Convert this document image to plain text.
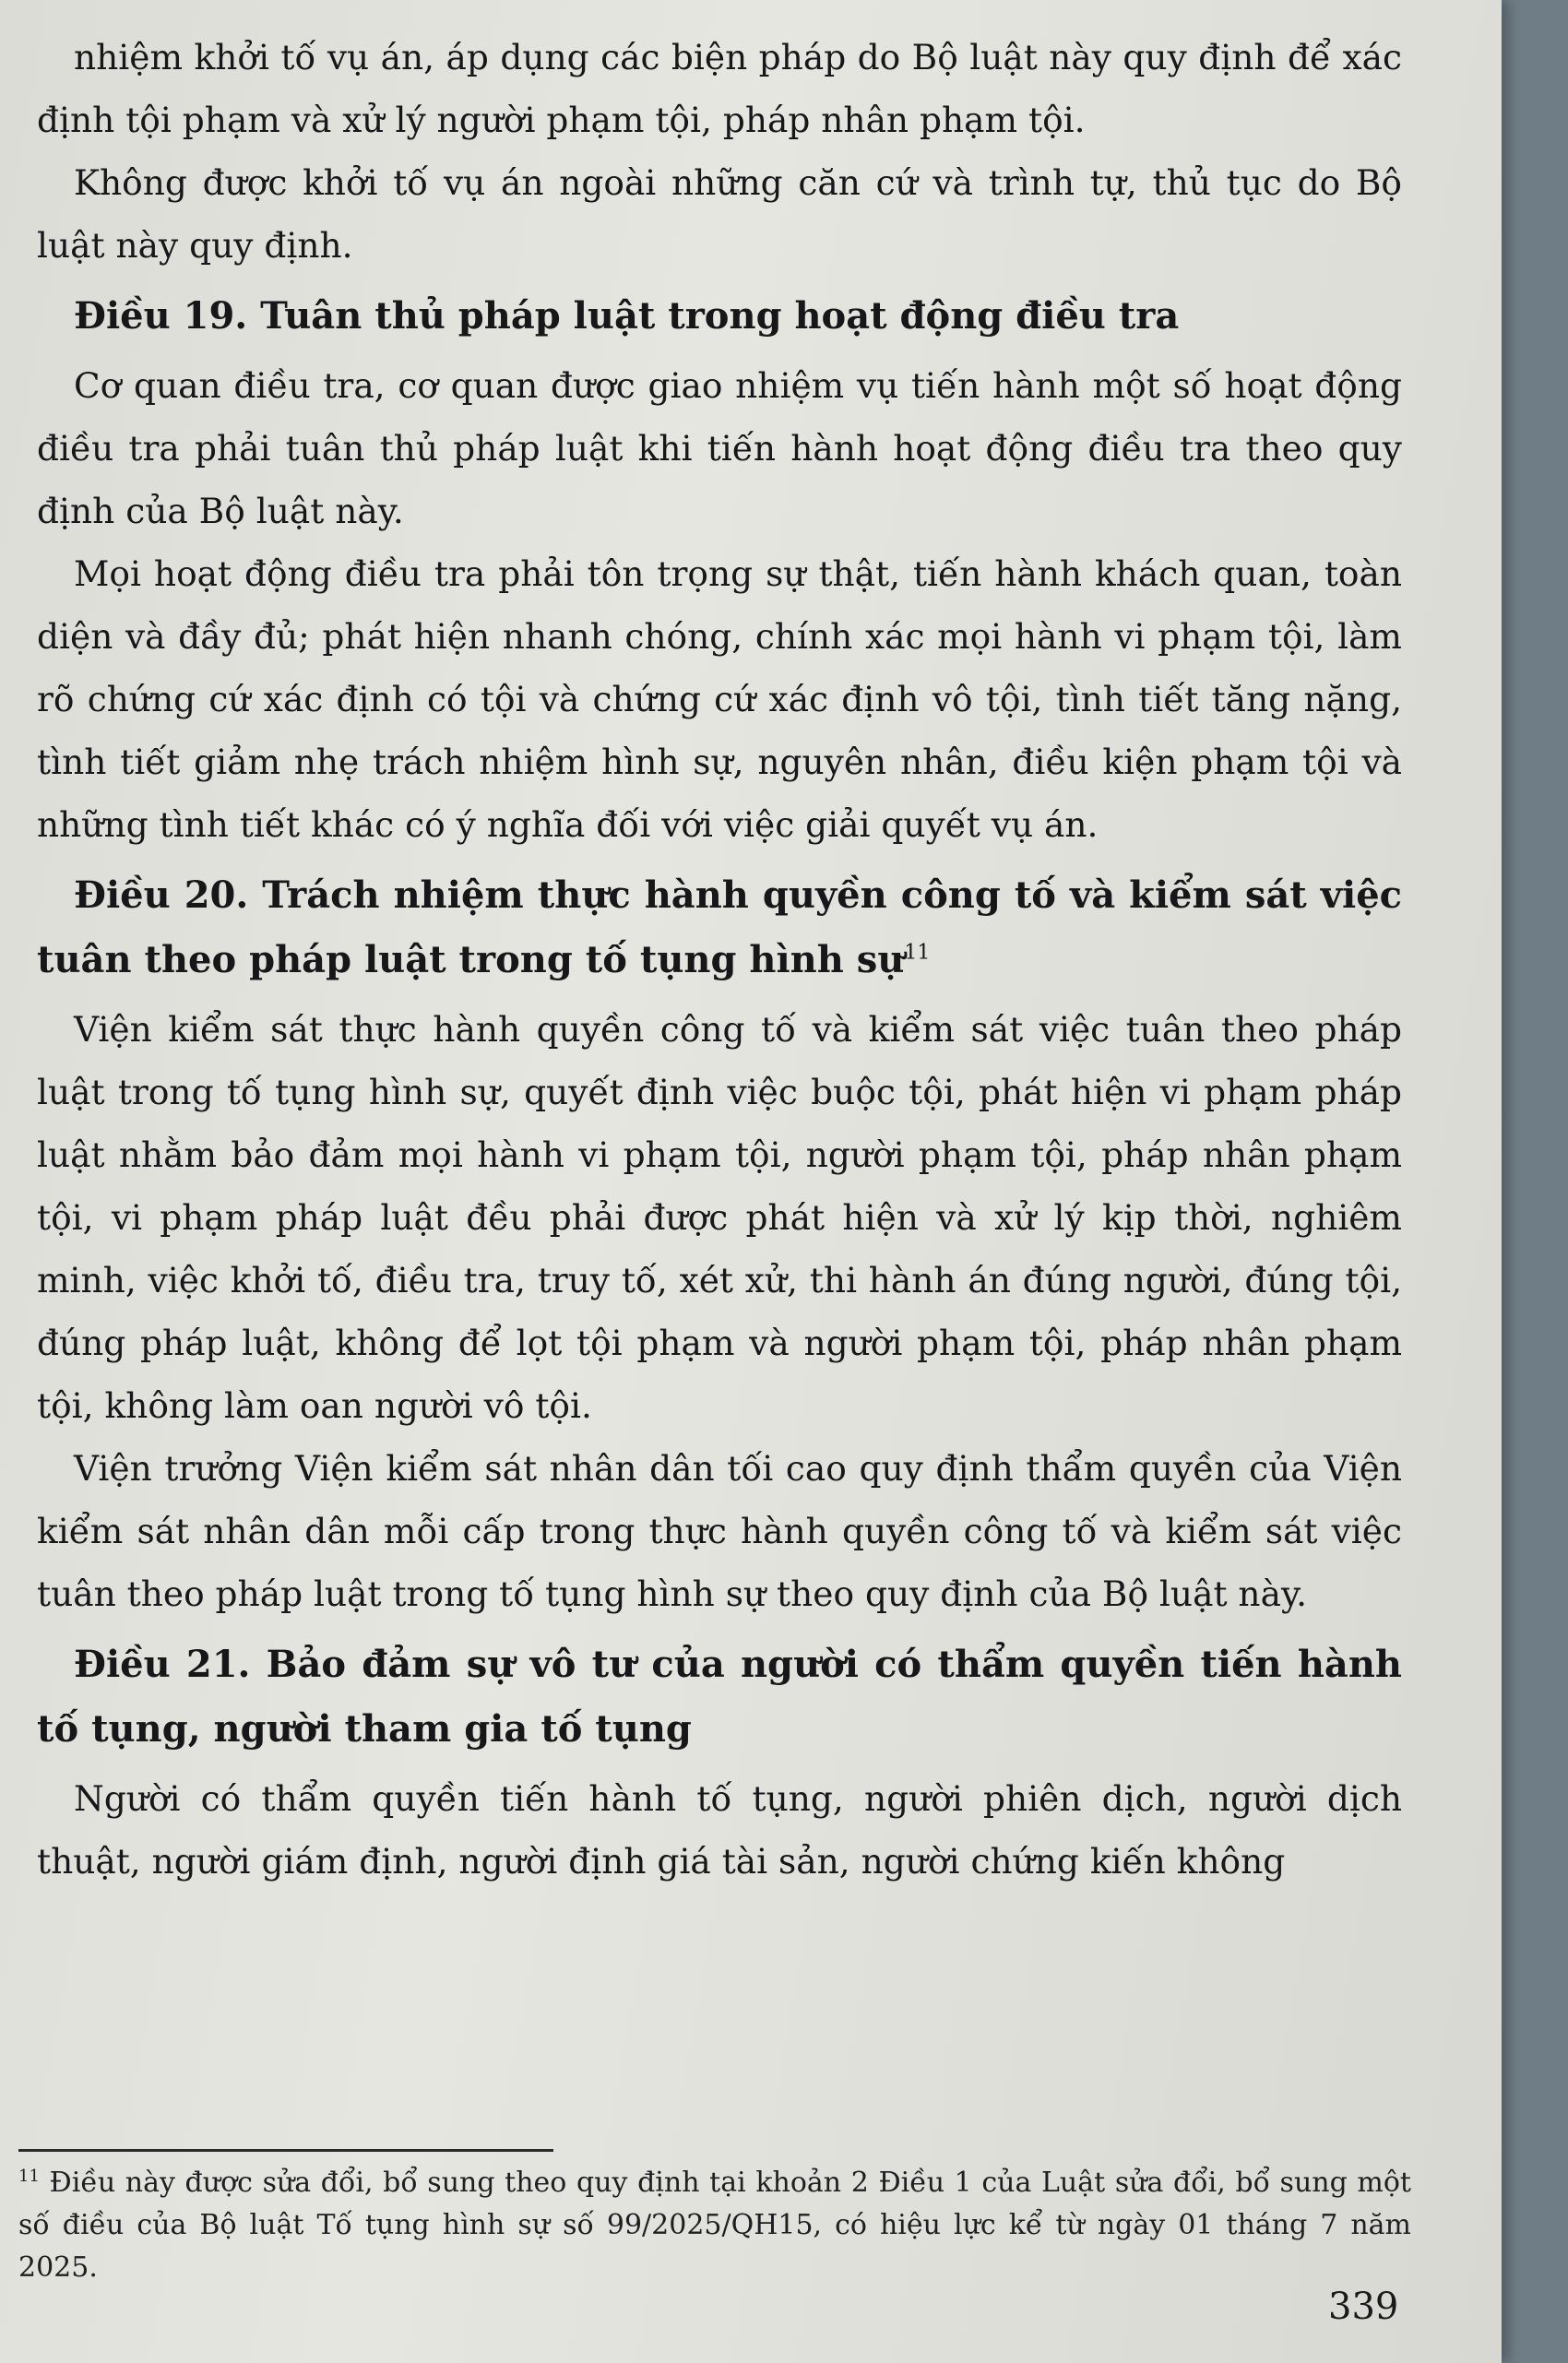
nhiệm khởi tố vụ án, áp dụng các biện pháp do Bộ luật này quy định để xác định tội phạm và xử lý người phạm tội, pháp nhân phạm tội.

Không được khởi tố vụ án ngoài những căn cứ và trình tự, thủ tục do Bộ luật này quy định.

Điều 19. Tuân thủ pháp luật trong hoạt động điều tra

Cơ quan điều tra, cơ quan được giao nhiệm vụ tiến hành một số hoạt động điều tra phải tuân thủ pháp luật khi tiến hành hoạt động điều tra theo quy định của Bộ luật này.

Mọi hoạt động điều tra phải tôn trọng sự thật, tiến hành khách quan, toàn diện và đầy đủ; phát hiện nhanh chóng, chính xác mọi hành vi phạm tội, làm rõ chứng cứ xác định có tội và chứng cứ xác định vô tội, tình tiết tăng nặng, tình tiết giảm nhẹ trách nhiệm hình sự, nguyên nhân, điều kiện phạm tội và những tình tiết khác có ý nghĩa đối với việc giải quyết vụ án.

Điều 20. Trách nhiệm thực hành quyền công tố và kiểm sát việc tuân theo pháp luật trong tố tụng hình sự$^{11}$

Viện kiểm sát thực hành quyền công tố và kiểm sát việc tuân theo pháp luật trong tố tụng hình sự, quyết định việc buộc tội, phát hiện vi phạm pháp luật nhằm bảo đảm mọi hành vi phạm tội, người phạm tội, pháp nhân phạm tội, vi phạm pháp luật đều phải được phát hiện và xử lý kịp thời, nghiêm minh, việc khởi tố, điều tra, truy tố, xét xử, thi hành án đúng người, đúng tội, đúng pháp luật, không để lọt tội phạm và người phạm tội, pháp nhân phạm tội, không làm oan người vô tội.

Viện trưởng Viện kiểm sát nhân dân tối cao quy định thẩm quyền của Viện kiểm sát nhân dân mỗi cấp trong thực hành quyền công tố và kiểm sát việc tuân theo pháp luật trong tố tụng hình sự theo quy định của Bộ luật này.

Điều 21. Bảo đảm sự vô tư của người có thẩm quyền tiến hành tố tụng, người tham gia tố tụng

Người có thẩm quyền tiến hành tố tụng, người phiên dịch, người dịch thuật, người giám định, người định giá tài sản, người chứng kiến không

$^{11}$ Điều này được sửa đổi, bổ sung theo quy định tại khoản 2 Điều 1 của Luật sửa đổi, bổ sung một số điều của Bộ luật Tố tụng hình sự số 99/2025/QH15, có hiệu lực kể từ ngày 01 tháng 7 năm 2025.

339
